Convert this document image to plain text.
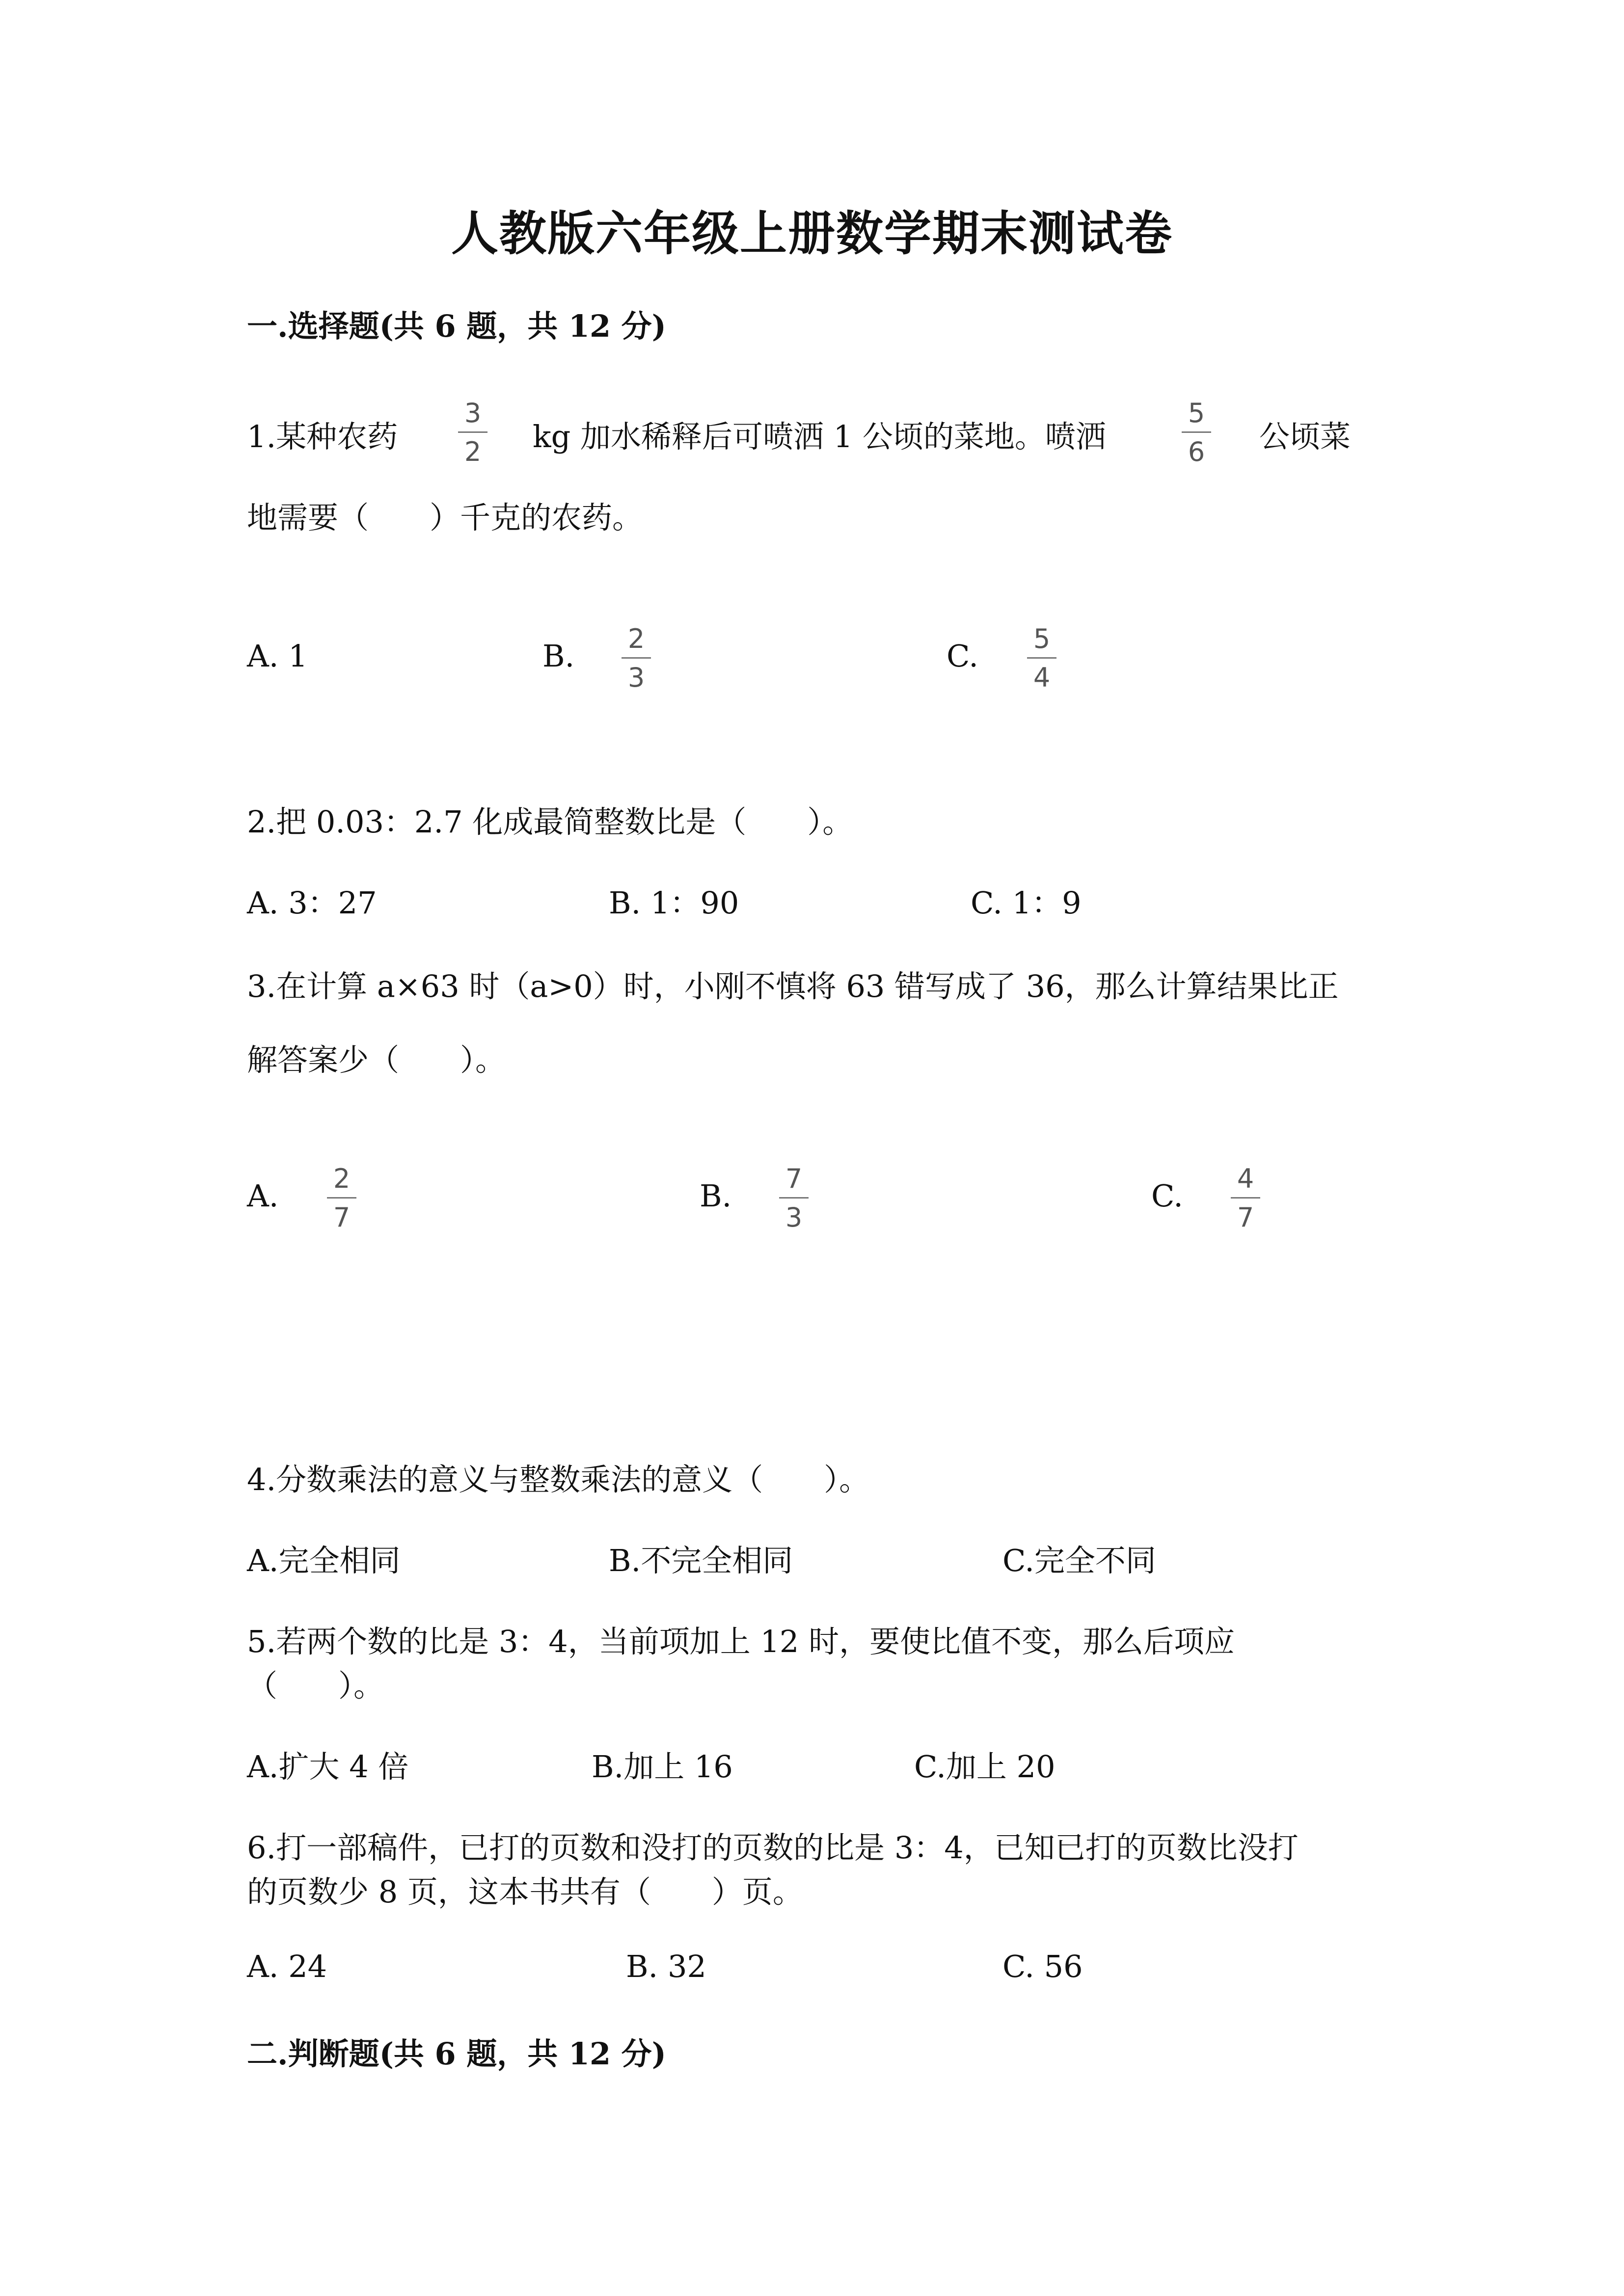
人教版六年级上册数学期末测试卷
一.选择题(共 6 题，共 12 分)
1.某种农药 $\frac{3}{2}$ kg 加水稀释后可喷洒 1 公顷的菜地。喷洒	$\frac{5}{6}$ 公顷菜
地需要（　　）千克的农药。
A. 1	B. $\frac{2}{3}$	C. $\frac{5}{4}$
2.把 0.03：2.7 化成最简整数比是（　　）。
A. 3：27	B. 1：90	C. 1：9
3.在计算 a×63 时（a>0）时，小刚不慎将 63 错写成了 36，那么计算结果比正
解答案少（　　）。
A. $\frac{2}{7}$	B. $\frac{7}{3}$	C. $\frac{4}{7}$
4.分数乘法的意义与整数乘法的意义（　　）。
A.完全相同	B.不完全相同	C.完全不同
5.若两个数的比是 3：4，当前项加上 12 时，要使比值不变，那么后项应
（　　）。
A.扩大 4 倍	B.加上 16	C.加上 20
6.打一部稿件，已打的页数和没打的页数的比是 3：4，已知已打的页数比没打
的页数少 8 页，这本书共有（　　）页。
A. 24	B. 32	C. 56
二.判断题(共 6 题，共 12 分)
